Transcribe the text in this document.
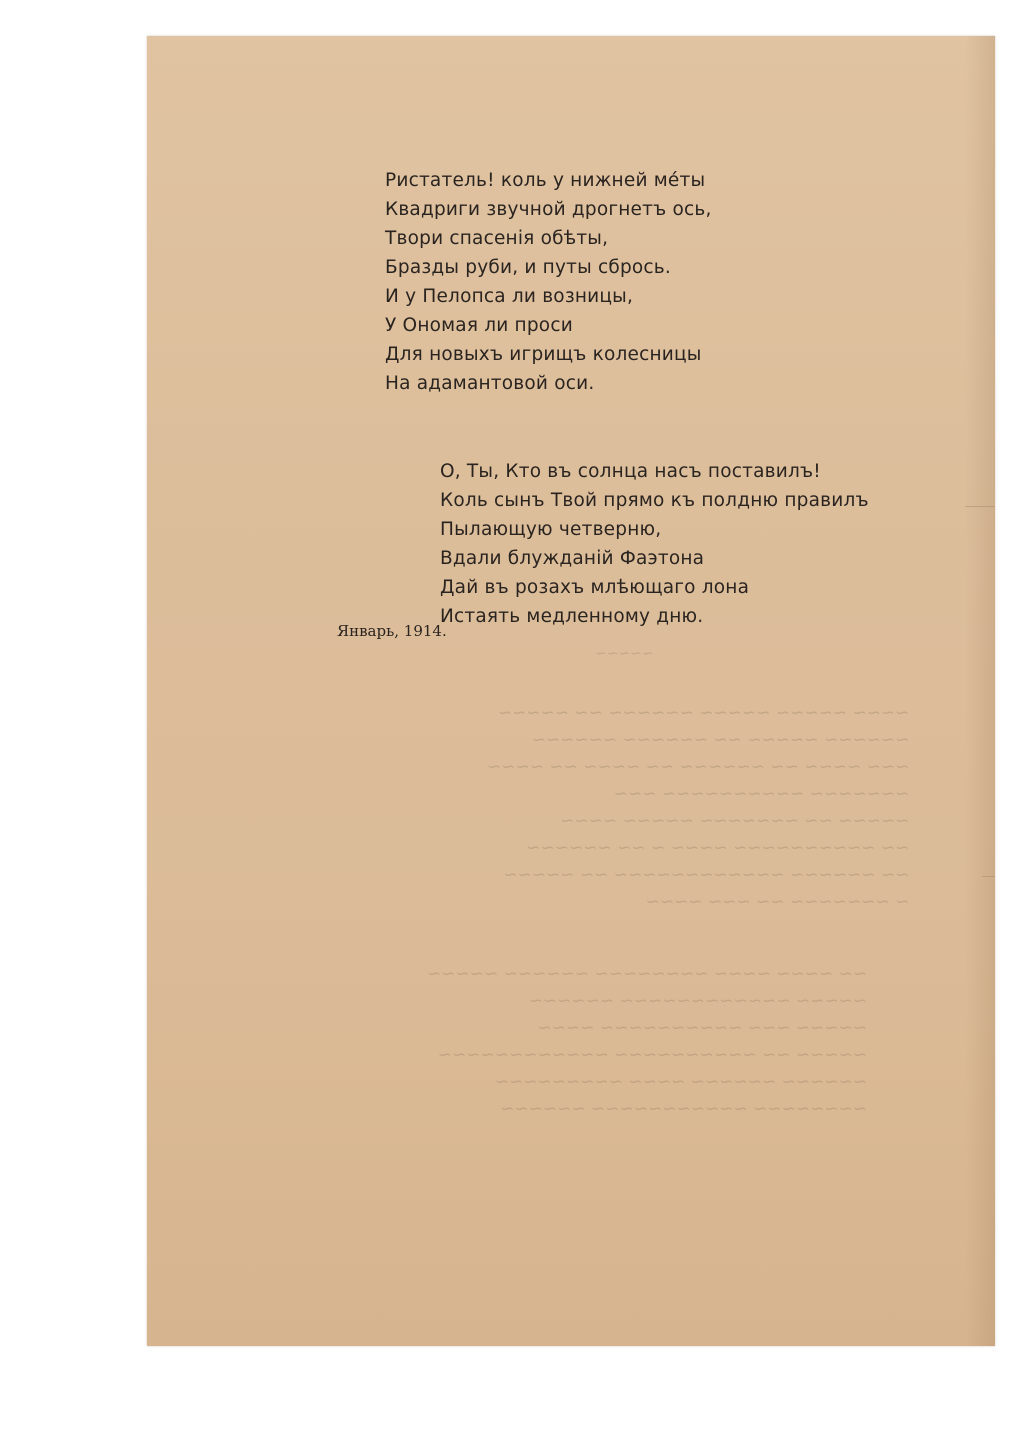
~~~~~
~~~~ ~~~~~ ~~~~~ ~~~~~~ ~~ ~~~~~
~~~~~~ ~~~~~ ~~ ~~~~~~ ~~~~~~
~~~ ~~~~ ~~ ~~~~~~ ~~ ~~~~ ~~ ~~~~
~~~~~~~ ~~~~~~~~~~ ~~~
~~~~~ ~~ ~~~~~~~ ~~~~~ ~~~~
~~ ~~~~~~~~~~ ~~~~ ~ ~~ ~~~~~~
~~ ~~~~~~ ~~~~~~~~~~~~ ~~ ~~~~~
~ ~~~~~~~ ~~ ~~~ ~~~~
~~ ~~~~ ~~~~ ~~~~~~~~ ~~~~~~ ~~~~~
~~~~~ ~~~~~~~~~~~~ ~~~~~~
~~~~~ ~~~ ~~~~~~~~~~ ~~~~
~~~~~ ~~ ~~~~~~~~~~ ~~~~~~~~~~~~
~~~~~~ ~~~~~~ ~~~~ ~~~~~~~~~
~~~~~~~~ ~~~~~~~~~~~ ~~~~~~
Ристатель! коль у нижней мéты
Квадриги звучной дрогнетъ ось,
Твори спасенiя обѣты,
Бразды руби, и путы сбрось.
И у Пелопса ли возницы,
У Ономая ли проси
Для новыхъ игрищъ колесницы
На адамантовой оси.
О, Ты, Кто въ солнца насъ поставилъ!
Коль сынъ Твой прямо къ полдню правилъ
Пылающую четверню,
Вдали блужданiй Фаэтона
Дай въ розахъ млѣющаго лона
Истаять медленному дню.
Январь, 1914.
